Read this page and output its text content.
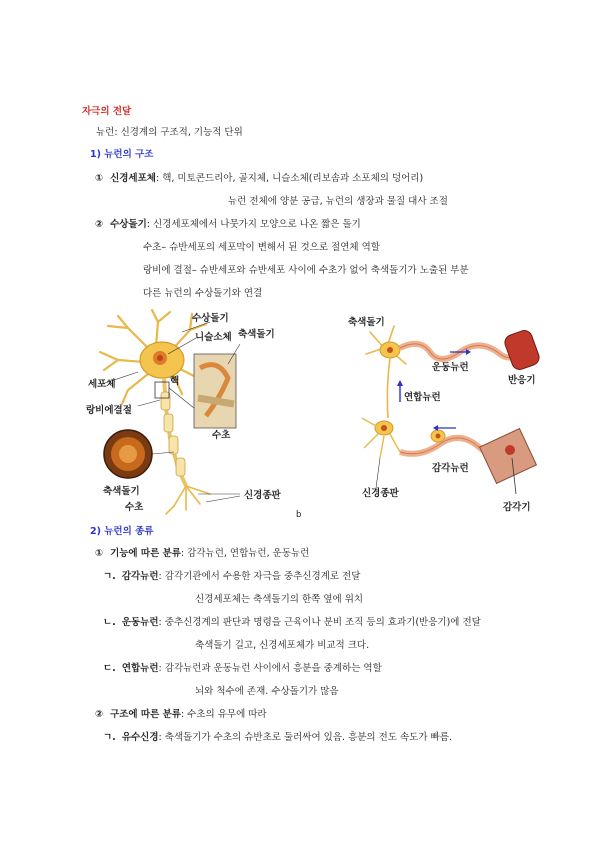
자극의 전달
뉴런: 신경계의 구조적, 기능적 단위
1) 뉴런의 구조
① 신경세포체: 핵, 미토콘드리아, 골지체, 니슬소체(리보솜과 소포체의 덩어리)
뉴런 전체에 양분 공급, 뉴런의 생장과 물질 대사 조절
② 수상돌기: 신경세포체에서 나뭇가지 모양으로 나온 짧은 돌기
수초– 슈반세포의 세포막이 변해서 된 것으로 절연체 역할
랑비에 결절– 슈반세포와 슈반세포 사이에 수초가 없어 축색돌기가 노출된 부분
다른 뉴런의 수상돌기와 연결
수상돌기
니슬소체 축색돌기
세포체	핵
랑비에결절
수초
축색돌기
수초
신경종판
b
축색돌기
운동뉴런
반응기
연합뉴런
감각뉴런
신경종판
감각기
2) 뉴런의 종류
① 기능에 따른 분류: 감각뉴런, 연합뉴런, 운동뉴런
ㄱ. 감각뉴런: 감각기관에서 수용한 자극을 중추신경계로 전달
신경세포체는 축색돌기의 한쪽 옆에 위치
ㄴ. 운동뉴런: 중추신경계의 판단과 명령을 근육이나 분비 조직 등의 효과기(반응기)에 전달
축색돌기 길고, 신경세포체가 비교적 크다.
ㄷ. 연합뉴런: 감각뉴런과 운동뉴런 사이에서 흥분을 중계하는 역할
뇌와 척수에 존재. 수상돌기가 많음
② 구조에 따른 분류: 수초의 유무에 따라
ㄱ. 유수신경: 축색돌기가 수초의 슈반초로 둘러싸여 있음. 흥분의 전도 속도가 빠름.
